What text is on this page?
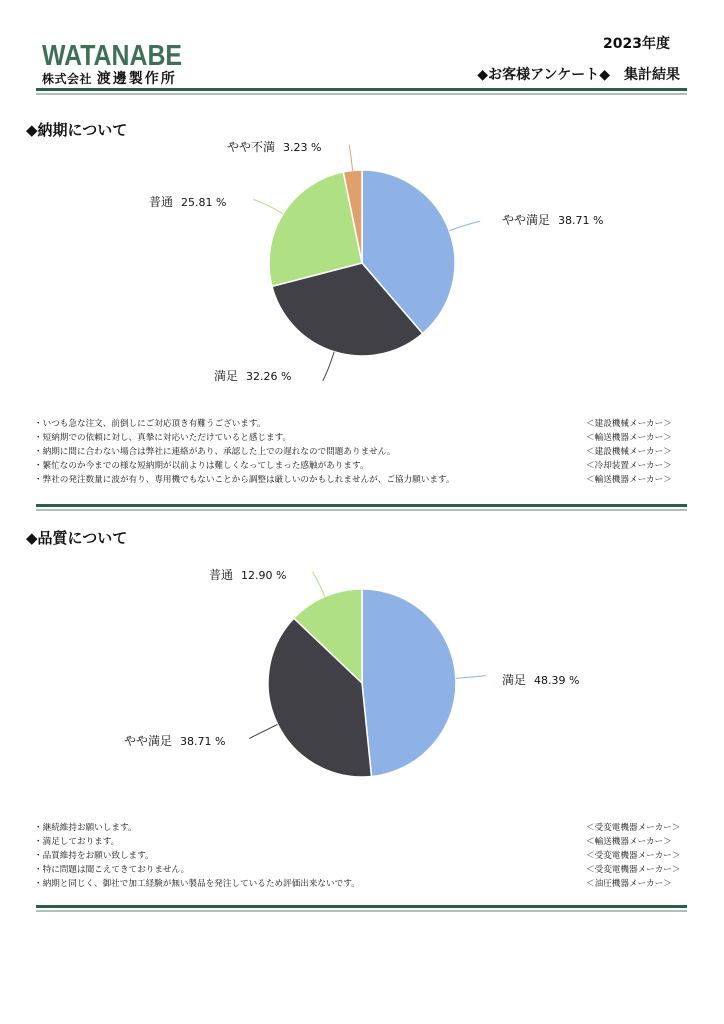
WATANABE
株式会社 渡邊製作所
2023年度
◆お客様アンケート◆　集計結果
◆納期について
やや満足 38.71 %
満足 32.26 %
普通 25.81 %
やや不満 3.23 %
・いつも急な注文、前倒しにご対応頂き有難うございます。	＜建設機械メーカー＞
・短納期での依頼に対し、真摯に対応いただけていると感じます。	＜輸送機器メーカー＞
・納期に間に合わない場合は弊社に連絡があり、承認した上での遅れなので問題ありません。	＜建設機械メーカー＞
・繁忙なのか今までの様な短納期が以前よりは難しくなってしまった感触があります。	＜冷却装置メーカー＞
・弊社の発注数量に波が有り、専用機でもないことから調整は厳しいのかもしれませんが、ご協力願います。	＜輸送機器メーカー＞
◆品質について
満足 48.39 %
やや満足 38.71 %
普通 12.90 %
・継続維持お願いします。	＜受変電機器メーカー＞
・満足しております。	＜輸送機器メーカー＞
・品質維持をお願い致します。	＜受変電機器メーカー＞
・特に問題は聞こえてきておりません。	＜受変電機器メーカー＞
・納期と同じく、御社で加工経験が無い製品を発注しているため評価出来ないです。	＜油圧機器メーカー＞
